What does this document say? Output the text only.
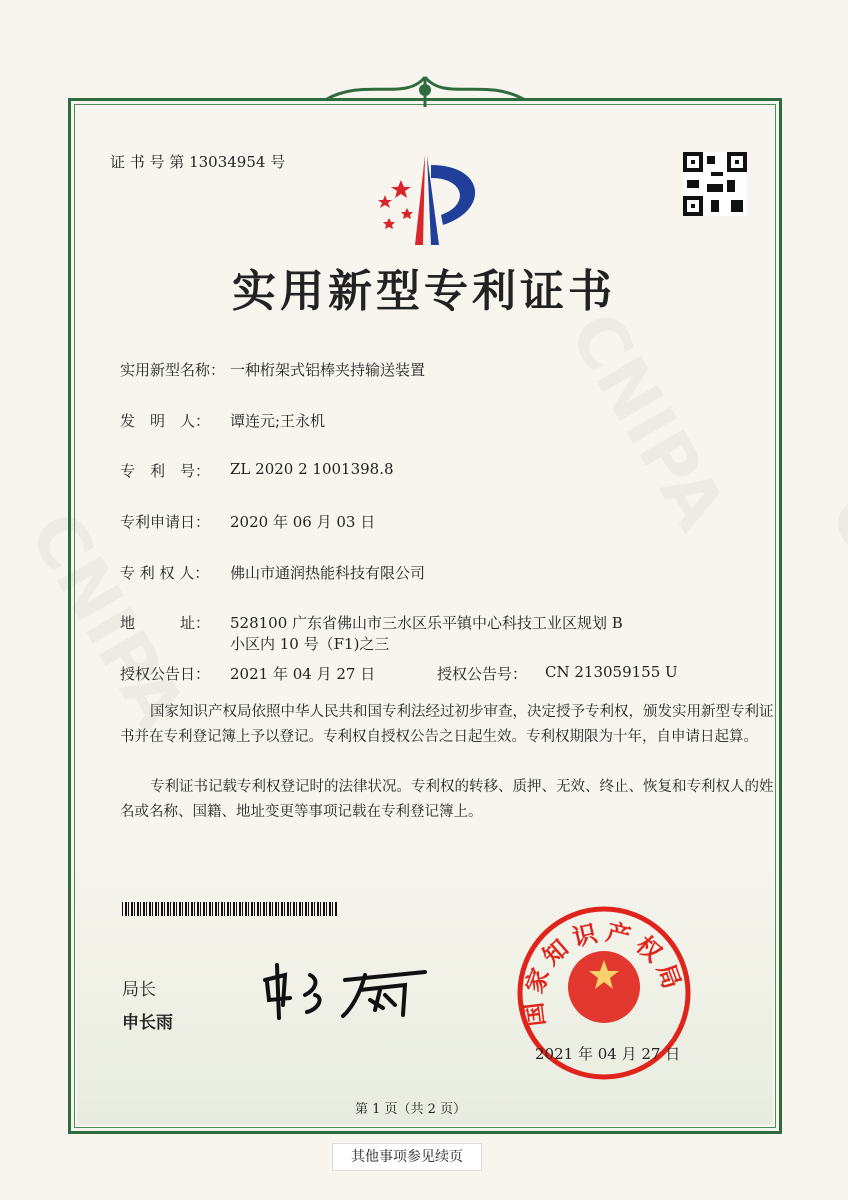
证 书 号 第 13034954 号
实用新型专利证书
实用新型名称： 一种桁架式铝棒夹持输送装置
发　明　人： 谭连元;王永机
专　利　号： ZL 2020 2 1001398.8
专利申请日： 2020 年 06 月 03 日
专 利 权 人： 佛山市通润热能科技有限公司
地　　　址： 528100 广东省佛山市三水区乐平镇中心科技工业区规划 B
小区内 10 号（F1)之三
授权公告日： 2021 年 04 月 27 日	授权公告号： CN 213059155 U
国家知识产权局依照中华人民共和国专利法经过初步审查，决定授予专利权，颁发实用新型专利证书并在专利登记簿上予以登记。专利权自授权公告之日起生效。专利权期限为十年，自申请日起算。
专利证书记载专利权登记时的法律状况。专利权的转移、质押、无效、终止、恢复和专利权人的姓名或名称、国籍、地址变更等事项记载在专利登记簿上。
局长
申长雨	国家知识产权局
2021 年 04 月 27 日
第 1 页（共 2 页）
其他事项参见续页
